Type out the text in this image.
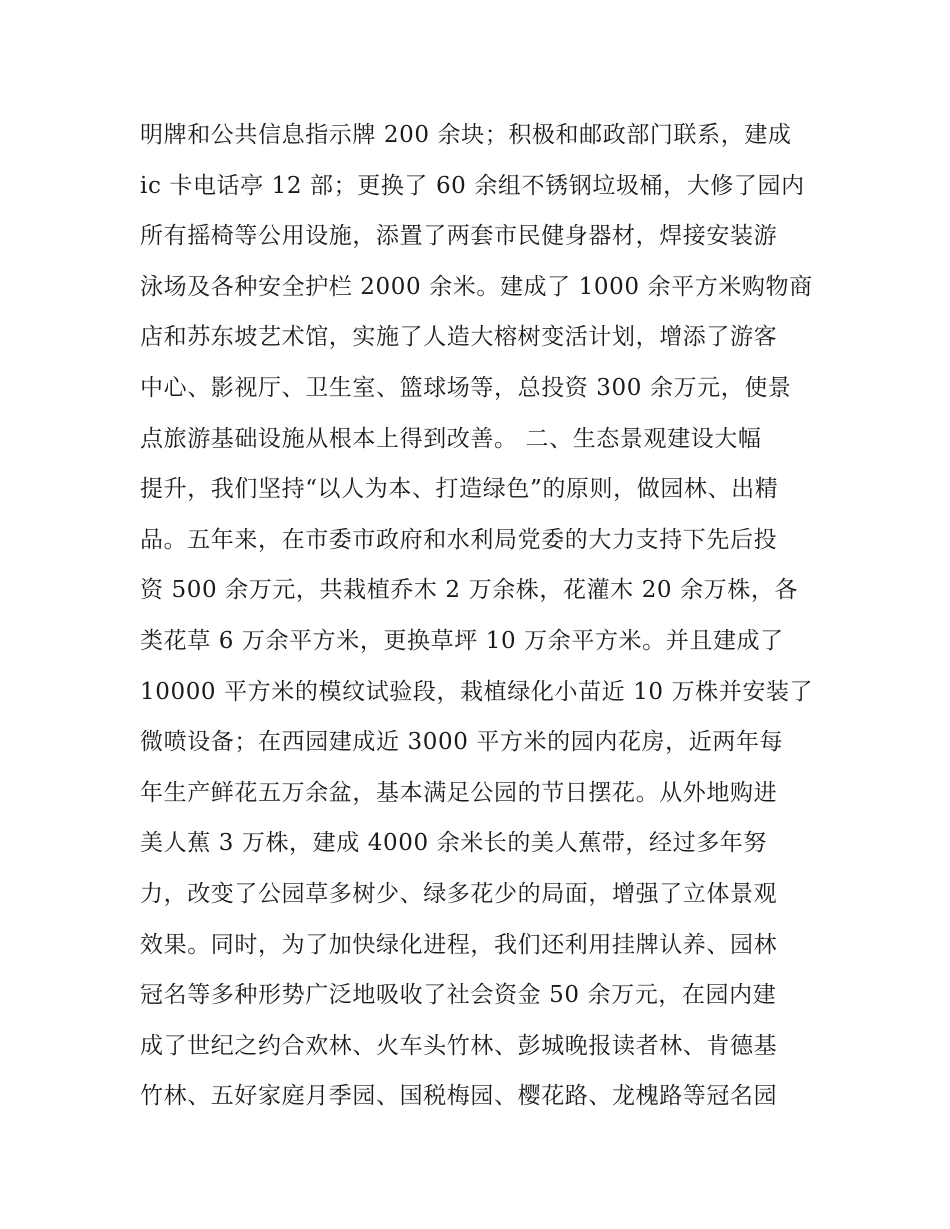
明牌和公共信息指示牌 200 余块；积极和邮政部门联系，建成
ic 卡电话亭 12 部；更换了 60 余组不锈钢垃圾桶，大修了园内
所有摇椅等公用设施，添置了两套市民健身器材，焊接安装游
泳场及各种安全护栏 2000 余米。建成了 1000 余平方米购物商
店和苏东坡艺术馆，实施了人造大榕树变活计划，增添了游客
中心、影视厅、卫生室、篮球场等，总投资 300 余万元，使景
点旅游基础设施从根本上得到改善。 二、生态景观建设大幅
提升，我们坚持“以人为本、打造绿色”的原则，做园林、出精
品。五年来，在市委市政府和水利局党委的大力支持下先后投
资 500 余万元，共栽植乔木 2 万余株，花灌木 20 余万株，各
类花草 6 万余平方米，更换草坪 10 万余平方米。并且建成了
10000 平方米的模纹试验段，栽植绿化小苗近 10 万株并安装了
微喷设备；在西园建成近 3000 平方米的园内花房，近两年每
年生产鲜花五万余盆，基本满足公园的节日摆花。从外地购进
美人蕉 3 万株，建成 4000 余米长的美人蕉带，经过多年努
力，改变了公园草多树少、绿多花少的局面，增强了立体景观
效果。同时，为了加快绿化进程，我们还利用挂牌认养、园林
冠名等多种形势广泛地吸收了社会资金 50 余万元，在园内建
成了世纪之约合欢林、火车头竹林、彭城晚报读者林、肯德基
竹林、五好家庭月季园、国税梅园、樱花路、龙槐路等冠名园
